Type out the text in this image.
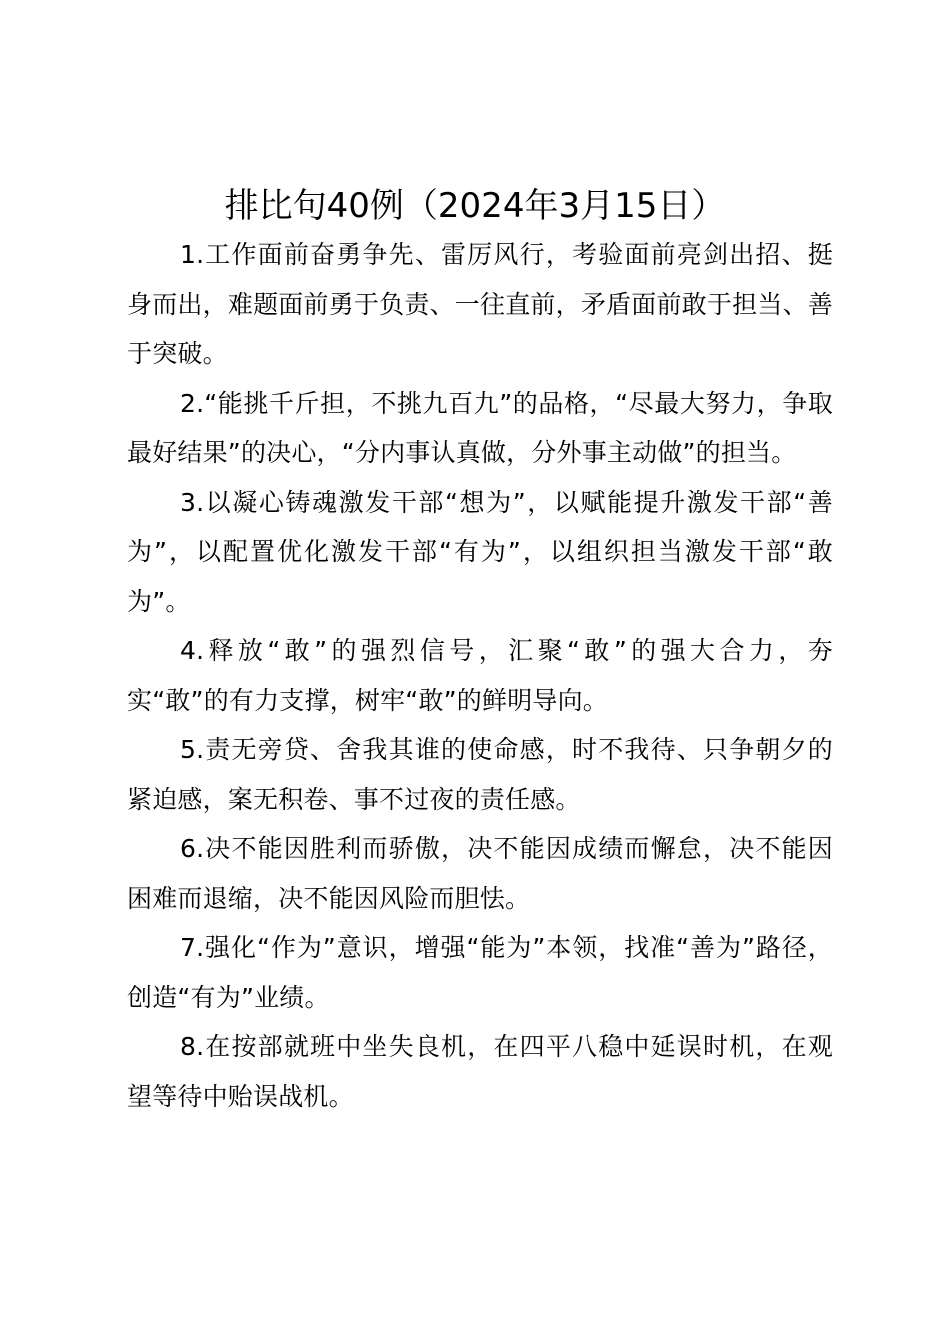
排比句40例（2024年3月15日）

1.工作面前奋勇争先、雷厉风行，考验面前亮剑出招、挺身而出，难题面前勇于负责、一往直前，矛盾面前敢于担当、善于突破。

2.“能挑千斤担，不挑九百九”的品格，“尽最大努力，争取最好结果”的决心，“分内事认真做，分外事主动做”的担当。

3.以凝心铸魂激发干部“想为”，以赋能提升激发干部“善为”，以配置优化激发干部“有为”，以组织担当激发干部“敢为”。

4.释放“敢”的强烈信号，汇聚“敢”的强大合力，夯实“敢”的有力支撑，树牢“敢”的鲜明导向。

5.责无旁贷、舍我其谁的使命感，时不我待、只争朝夕的紧迫感，案无积卷、事不过夜的责任感。

6.决不能因胜利而骄傲，决不能因成绩而懈怠，决不能因困难而退缩，决不能因风险而胆怯。

7.强化“作为”意识，增强“能为”本领，找准“善为”路径，创造“有为”业绩。

8.在按部就班中坐失良机，在四平八稳中延误时机，在观望等待中贻误战机。
